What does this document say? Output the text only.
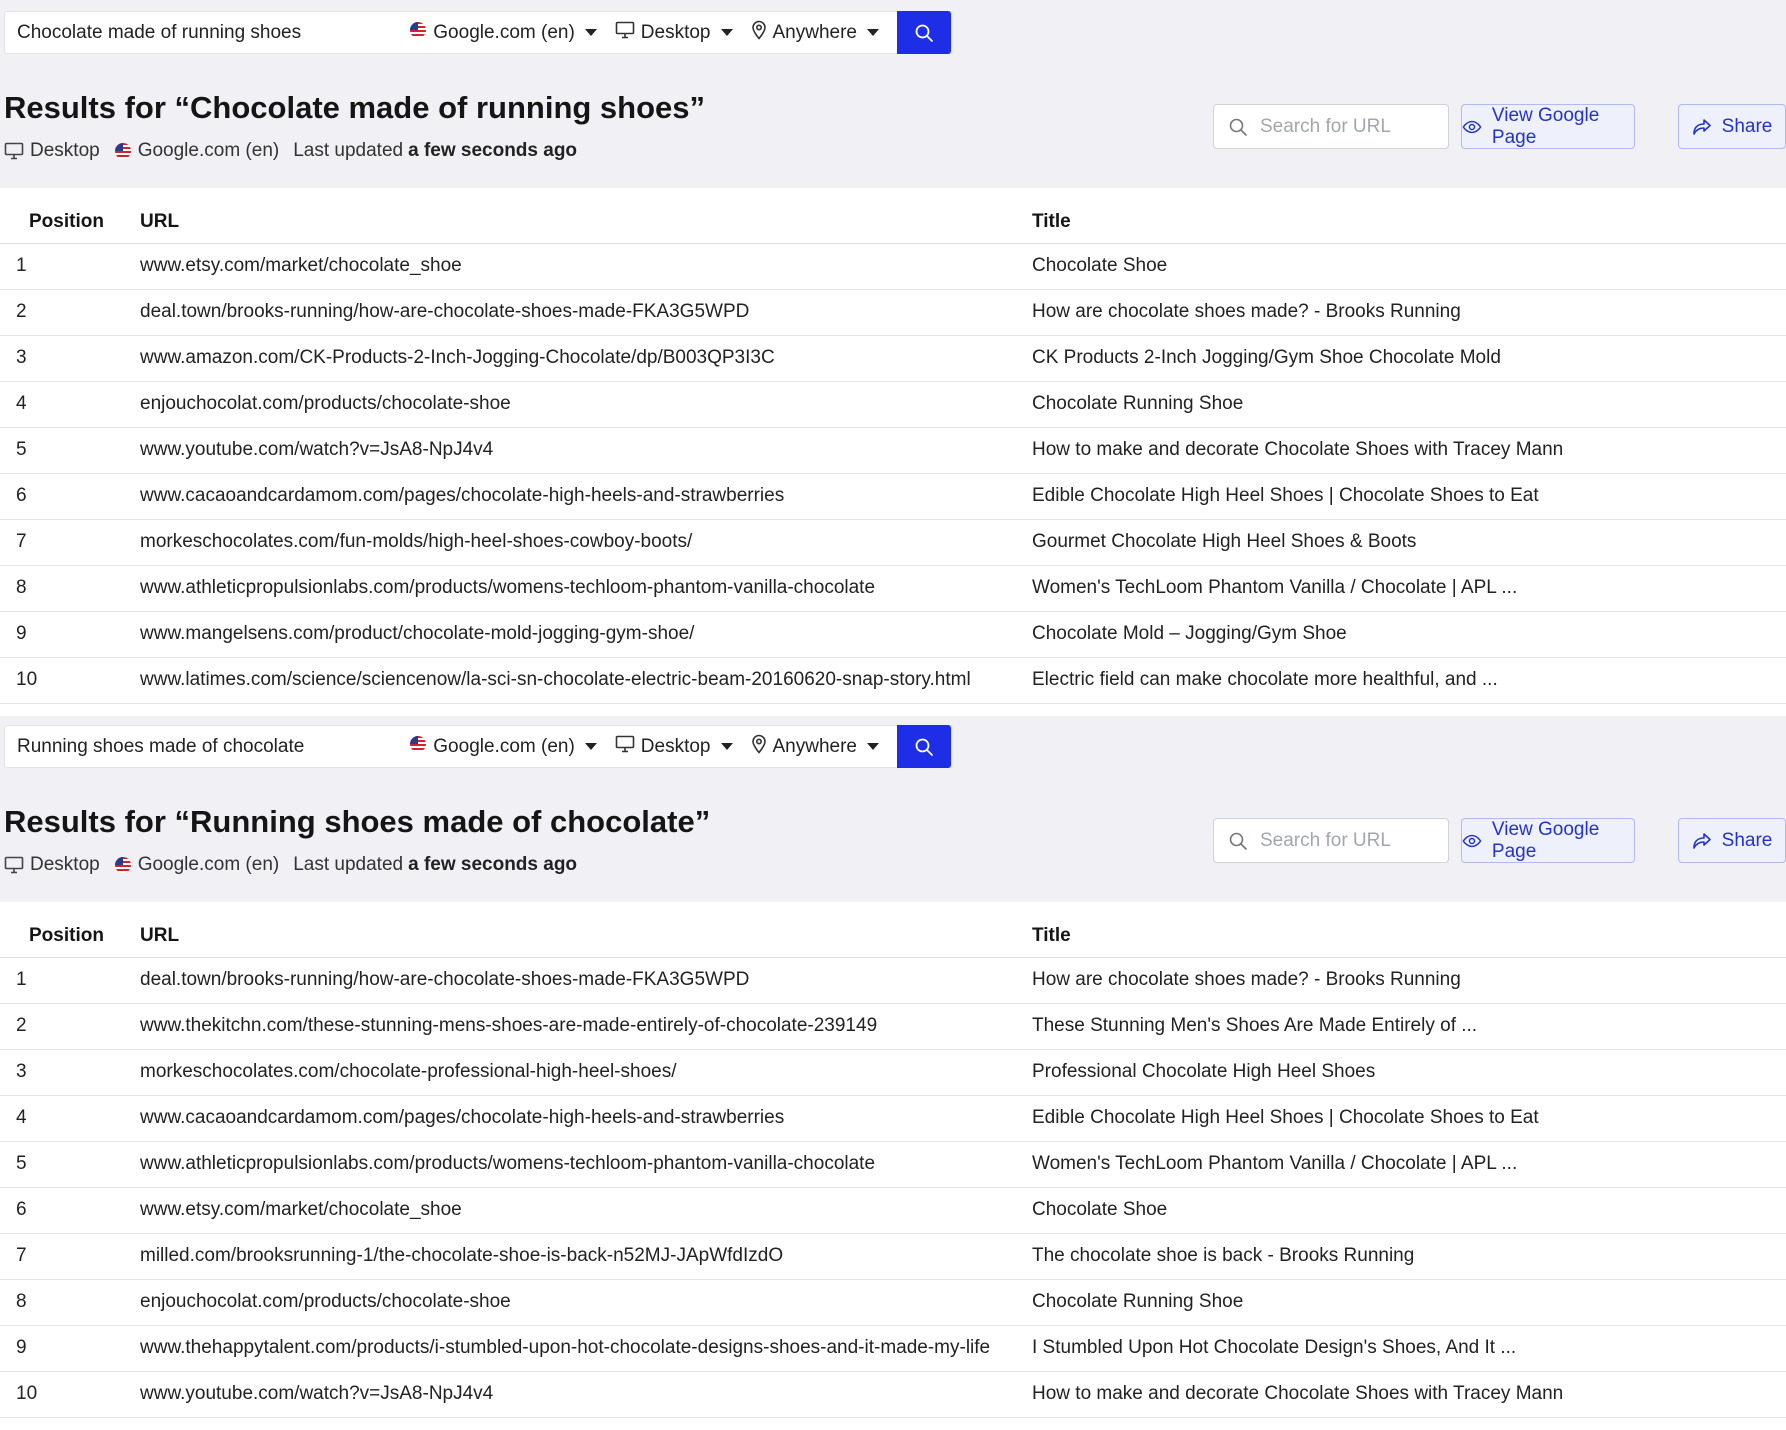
Chocolate made of running shoes	Google.com (en)	Desktop	Anywhere
Results for “Chocolate made of running shoes”
Desktop Google.com (en) Last updated a few seconds ago
Search for URL
View Google Page
Share
Position	URL	Title
1	www.etsy.com/market/chocolate_shoe	Chocolate Shoe
2	deal.town/brooks-running/how-are-chocolate-shoes-made-FKA3G5WPD	How are chocolate shoes made? - Brooks Running
3	www.amazon.com/CK-Products-2-Inch-Jogging-Chocolate/dp/B003QP3I3C	CK Products 2-Inch Jogging/Gym Shoe Chocolate Mold
4	enjouchocolat.com/products/chocolate-shoe	Chocolate Running Shoe
5	www.youtube.com/watch?v=JsA8-NpJ4v4	How to make and decorate Chocolate Shoes with Tracey Mann
6	www.cacaoandcardamom.com/pages/chocolate-high-heels-and-strawberries	Edible Chocolate High Heel Shoes | Chocolate Shoes to Eat
7	morkeschocolates.com/fun-molds/high-heel-shoes-cowboy-boots/	Gourmet Chocolate High Heel Shoes & Boots
8	www.athleticpropulsionlabs.com/products/womens-techloom-phantom-vanilla-chocolate	Women's TechLoom Phantom Vanilla / Chocolate | APL ...
9	www.mangelsens.com/product/chocolate-mold-jogging-gym-shoe/	Chocolate Mold – Jogging/Gym Shoe
10	www.latimes.com/science/sciencenow/la-sci-sn-chocolate-electric-beam-20160620-snap-story.html	Electric field can make chocolate more healthful, and ...
Running shoes made of chocolate	Google.com (en)	Desktop	Anywhere
Results for “Running shoes made of chocolate”
Desktop Google.com (en) Last updated a few seconds ago
Search for URL
View Google Page
Share
Position	URL	Title
1	deal.town/brooks-running/how-are-chocolate-shoes-made-FKA3G5WPD	How are chocolate shoes made? - Brooks Running
2	www.thekitchn.com/these-stunning-mens-shoes-are-made-entirely-of-chocolate-239149	These Stunning Men's Shoes Are Made Entirely of ...
3	morkeschocolates.com/chocolate-professional-high-heel-shoes/	Professional Chocolate High Heel Shoes
4	www.cacaoandcardamom.com/pages/chocolate-high-heels-and-strawberries	Edible Chocolate High Heel Shoes | Chocolate Shoes to Eat
5	www.athleticpropulsionlabs.com/products/womens-techloom-phantom-vanilla-chocolate	Women's TechLoom Phantom Vanilla / Chocolate | APL ...
6	www.etsy.com/market/chocolate_shoe	Chocolate Shoe
7	milled.com/brooksrunning-1/the-chocolate-shoe-is-back-n52MJ-JApWfdIzdO	The chocolate shoe is back - Brooks Running
8	enjouchocolat.com/products/chocolate-shoe	Chocolate Running Shoe
9	www.thehappytalent.com/products/i-stumbled-upon-hot-chocolate-designs-shoes-and-it-made-my-life	I Stumbled Upon Hot Chocolate Design's Shoes, And It ...
10	www.youtube.com/watch?v=JsA8-NpJ4v4	How to make and decorate Chocolate Shoes with Tracey Mann
